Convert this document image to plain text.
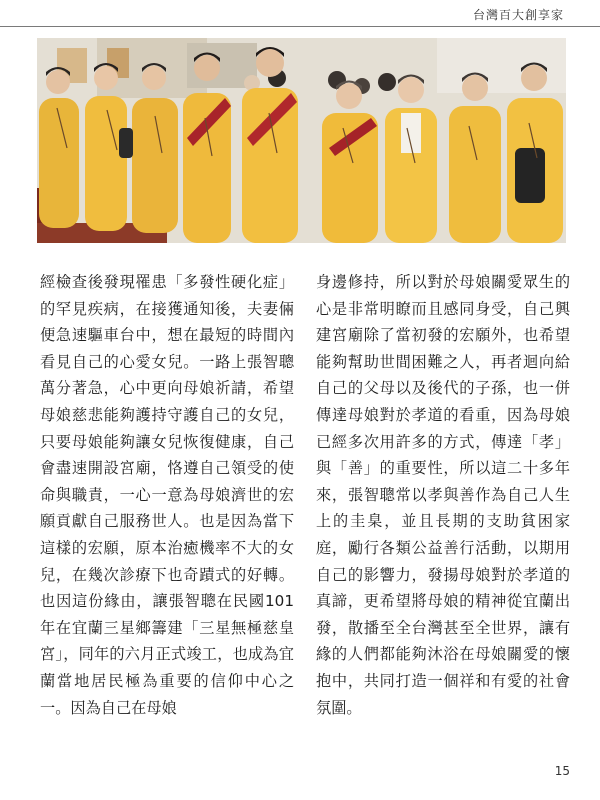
台灣百大創享家

經檢查後發現罹患「多發性硬化症」的罕見疾病，在接獲通知後，夫妻倆便急速驅車台中，想在最短的時間內看見自己的心愛女兒。一路上張智聰萬分著急，心中更向母娘祈請，希望母娘慈悲能夠護持守護自己的女兒，只要母娘能夠讓女兒恢復健康，自己會盡速開設宮廟，恪遵自己領受的使命與職責，一心一意為母娘濟世的宏願貢獻自己服務世人。也是因為當下這樣的宏願，原本治癒機率不大的女兒，在幾次診療下也奇蹟式的好轉。也因這份緣由，讓張智聰在民國101年在宜蘭三星鄉籌建「三星無極慈皇宮」，同年的六月正式竣工，也成為宜蘭當地居民極為重要的信仰中心之一。因為自己在母娘

身邊修持，所以對於母娘關愛眾生的心是非常明瞭而且感同身受，自己興建宮廟除了當初發的宏願外，也希望能夠幫助世間困難之人，再者迴向給自己的父母以及後代的子孫，也一併傳達母娘對於孝道的看重，因為母娘已經多次用許多的方式，傳達「孝」與「善」的重要性，所以這二十多年來，張智聰常以孝與善作為自己人生上的圭臬，並且長期的支助貧困家庭，勵行各類公益善行活動，以期用自己的影響力，發揚母娘對於孝道的真諦，更希望將母娘的精神從宜蘭出發，散播至全台灣甚至全世界，讓有緣的人們都能夠沐浴在母娘關愛的懷抱中，共同打造一個祥和有愛的社會氛圍。

15
